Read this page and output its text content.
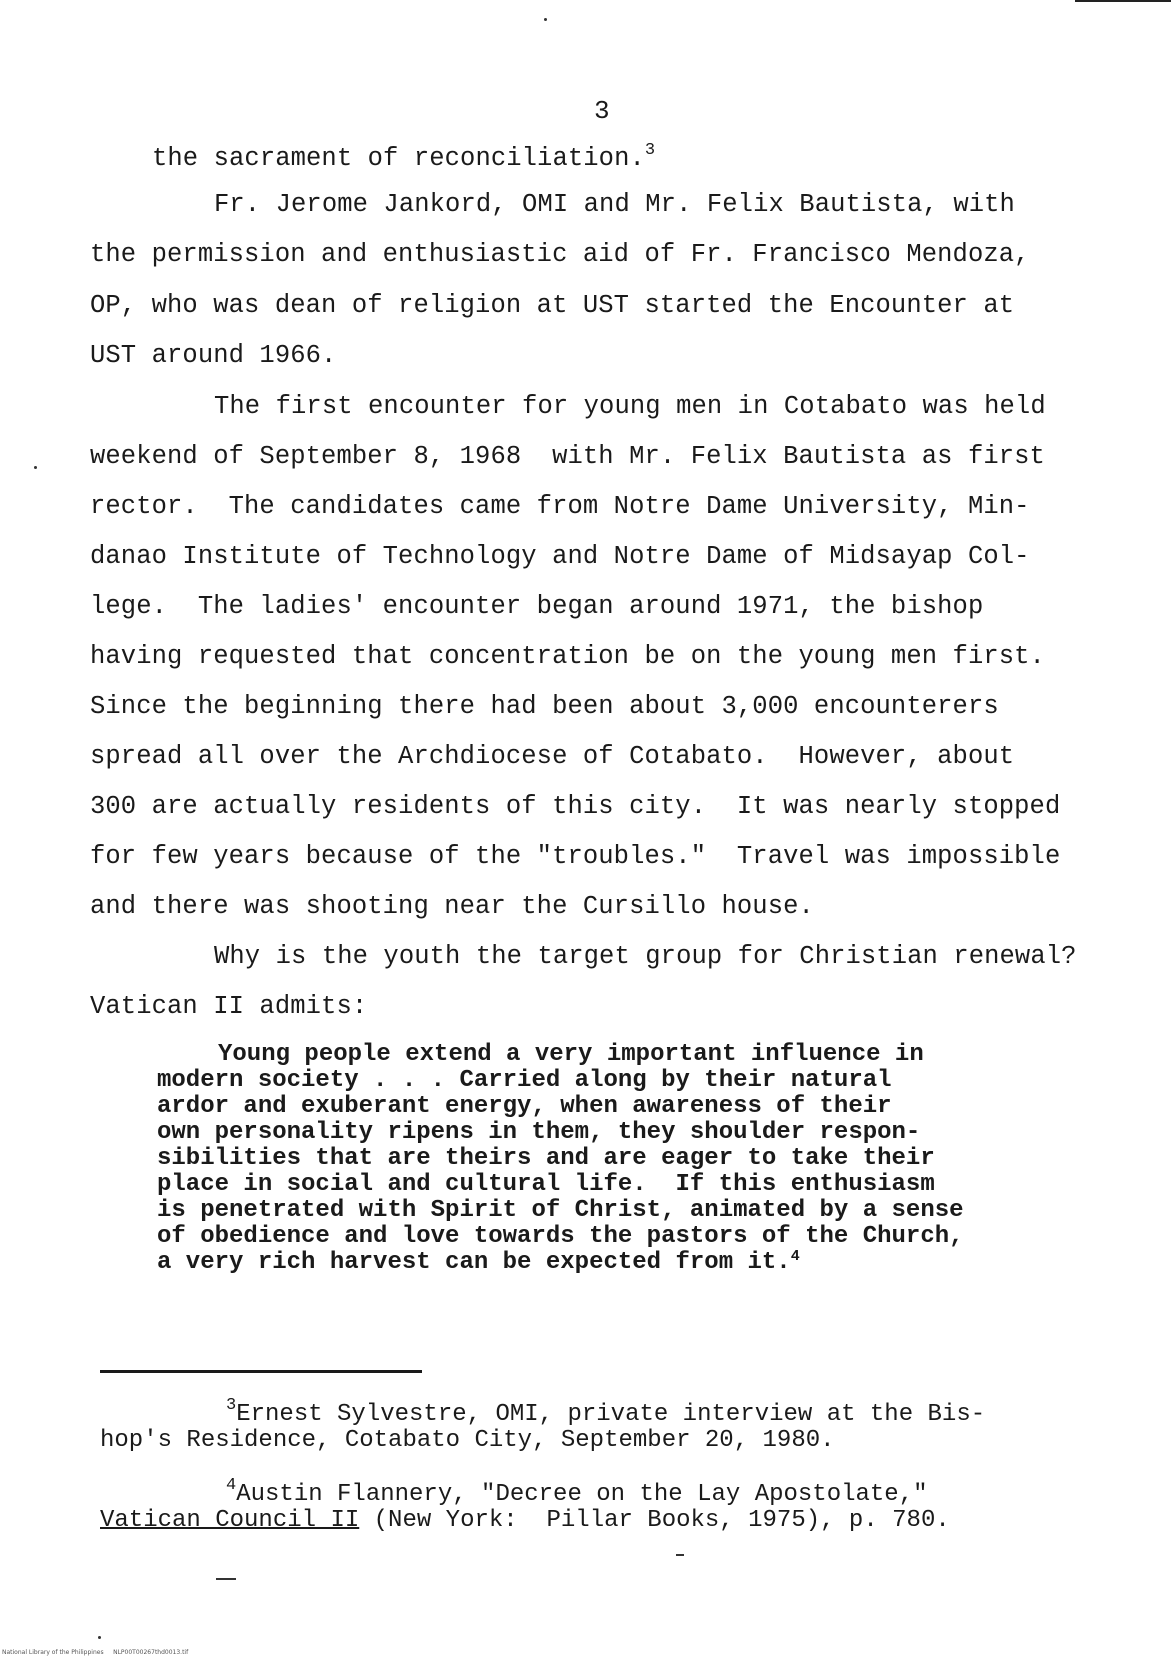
3
the sacrament of reconciliation.$^3$
Fr. Jerome Jankord, OMI and Mr. Felix Bautista, with
the permission and enthusiastic aid of Fr. Francisco Mendoza,
OP, who was dean of religion at UST started the Encounter at
UST around 1966.
The first encounter for young men in Cotabato was held
weekend of September 8, 1968  with Mr. Felix Bautista as first
rector.  The candidates came from Notre Dame University, Min-
danao Institute of Technology and Notre Dame of Midsayap Col-
lege.  The ladies' encounter began around 1971, the bishop
having requested that concentration be on the young men first.
Since the beginning there had been about 3,000 encounterers
spread all over the Archdiocese of Cotabato.  However, about
300 are actually residents of this city.  It was nearly stopped
for few years because of the "troubles."  Travel was impossible
and there was shooting near the Cursillo house.
Why is the youth the target group for Christian renewal?
Vatican II admits:
Young people extend a very important influence in
modern society . . . Carried along by their natural
ardor and exuberant energy, when awareness of their
own personality ripens in them, they shoulder respon-
sibilities that are theirs and are eager to take their
place in social and cultural life.  If this enthusiasm
is penetrated with Spirit of Christ, animated by a sense
of obedience and love towards the pastors of the Church,
a very rich harvest can be expected from it.$^4$
$^3$Ernest Sylvestre, OMI, private interview at the Bis-
hop's Residence, Cotabato City, September 20, 1980.
$^4$Austin Flannery, "Decree on the Lay Apostolate,"
Vatican Council II (New York:  Pillar Books, 1975), p. 780.
National Library of the Philippines     NLP00T00267thd0013.tif
